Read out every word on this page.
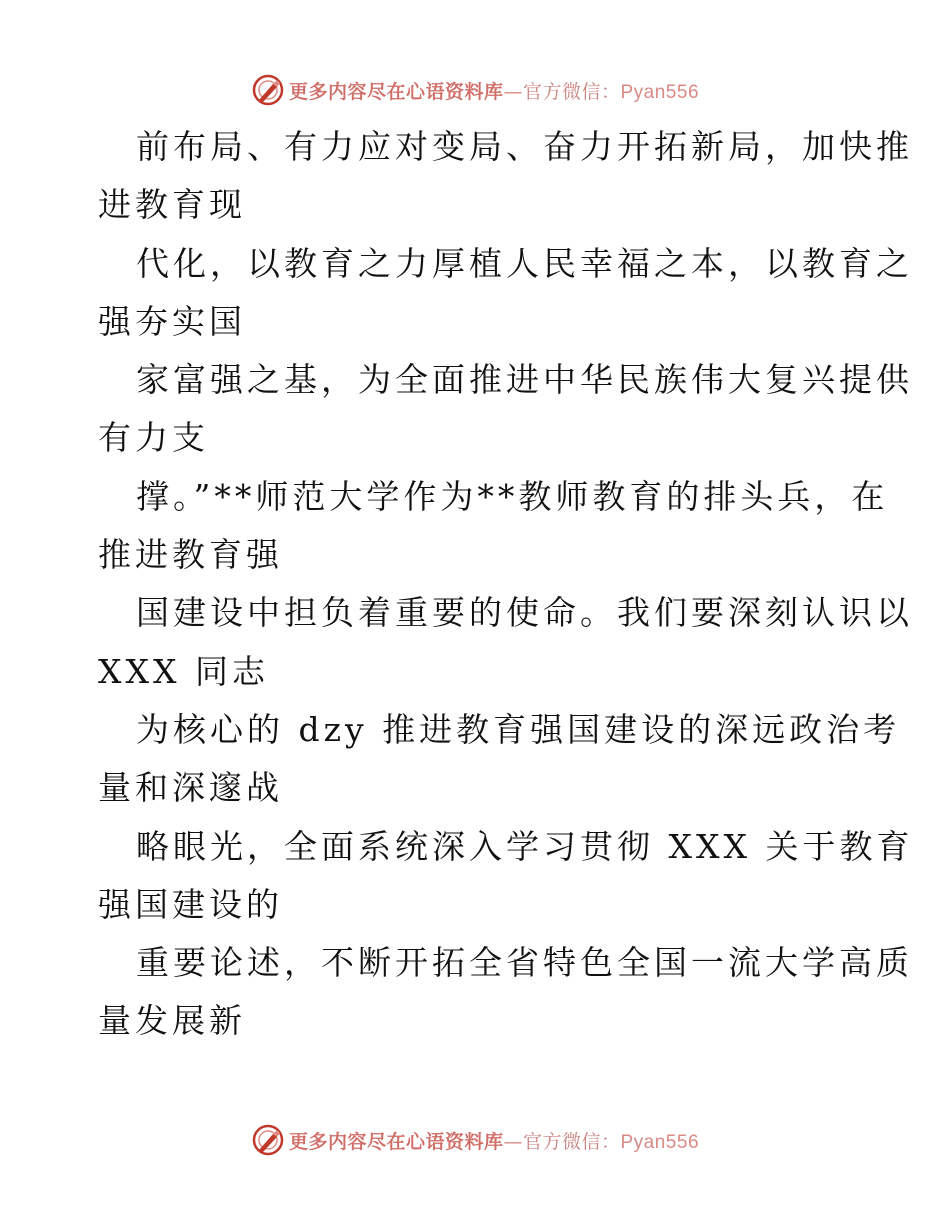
更多内容尽在心语资料库—官方微信：Pyan556
前布局、有力应对变局、奋力开拓新局，加快推
进教育现
代化，以教育之力厚植人民幸福之本，以教育之
强夯实国
家富强之基，为全面推进中华民族伟大复兴提供
有力支
撑。”**师范大学作为**教师教育的排头兵，在
推进教育强
国建设中担负着重要的使命。我们要深刻认识以
XXX 同志
为核心的 dzy 推进教育强国建设的深远政治考
量和深邃战
略眼光，全面系统深入学习贯彻 XXX 关于教育
强国建设的
重要论述，不断开拓全省特色全国一流大学高质
量发展新
更多内容尽在心语资料库—官方微信：Pyan556
